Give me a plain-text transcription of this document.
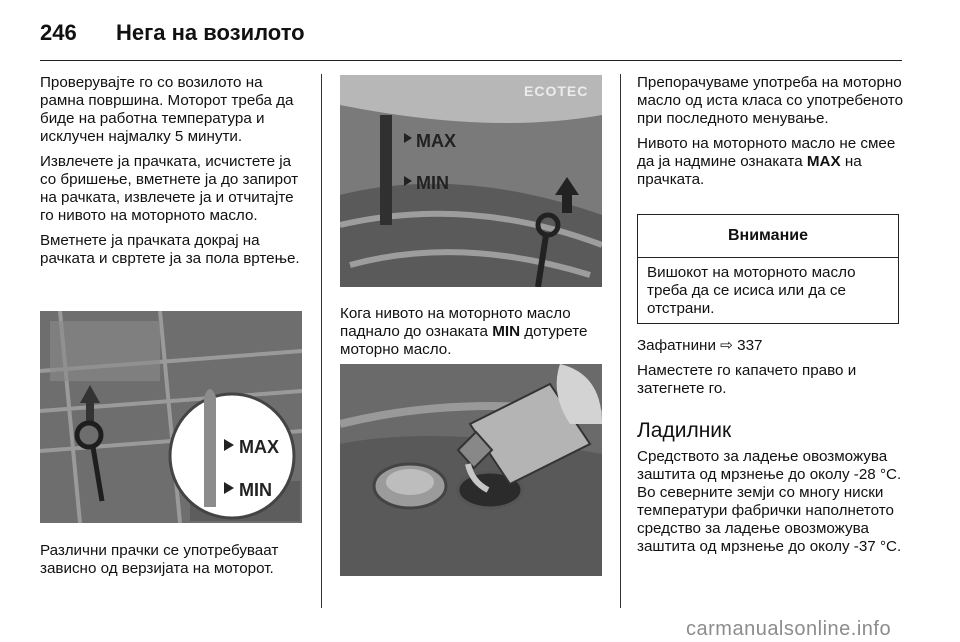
246 Нега на возилото

Проверувајте го со возилото на рамна површина. Моторот треба да биде на работна температура и исклучен најмалку 5 минути.

Извлечете ја прачката, исчистете ја со бришење, вметнете ја до запирот на рачката, извлечете ја и отчитајте го нивото на моторното масло.

Вметнете ја прачката докрај на рачката и свртете ја за пола вртење.

MAX
MIN

Различни прачки се употребуваат зависно од верзијата на моторот.

ECOTEC
MAX
MIN

Кога нивото на моторното масло паднало до ознаката MIN дотурете моторно масло.

Препорачуваме употреба на моторно масло од иста класа со употребеното при последното менување.

Нивото на моторното масло не смее да ја надмине ознаката MAX на прачката.

Внимание
Вишокот на моторното масло треба да се исиса или да се отстрани.

Зафатнини ⇨ 337

Наместете го капачето право и затегнете го.

Ладилник

Средството за ладење овозможува заштита од мрзнење до околу -28 °C. Во северните земји со многу ниски температури фабрички наполнетото средство за ладење овозможува заштита од мрзнење до околу -37 °C.

carmanualsonline.info
